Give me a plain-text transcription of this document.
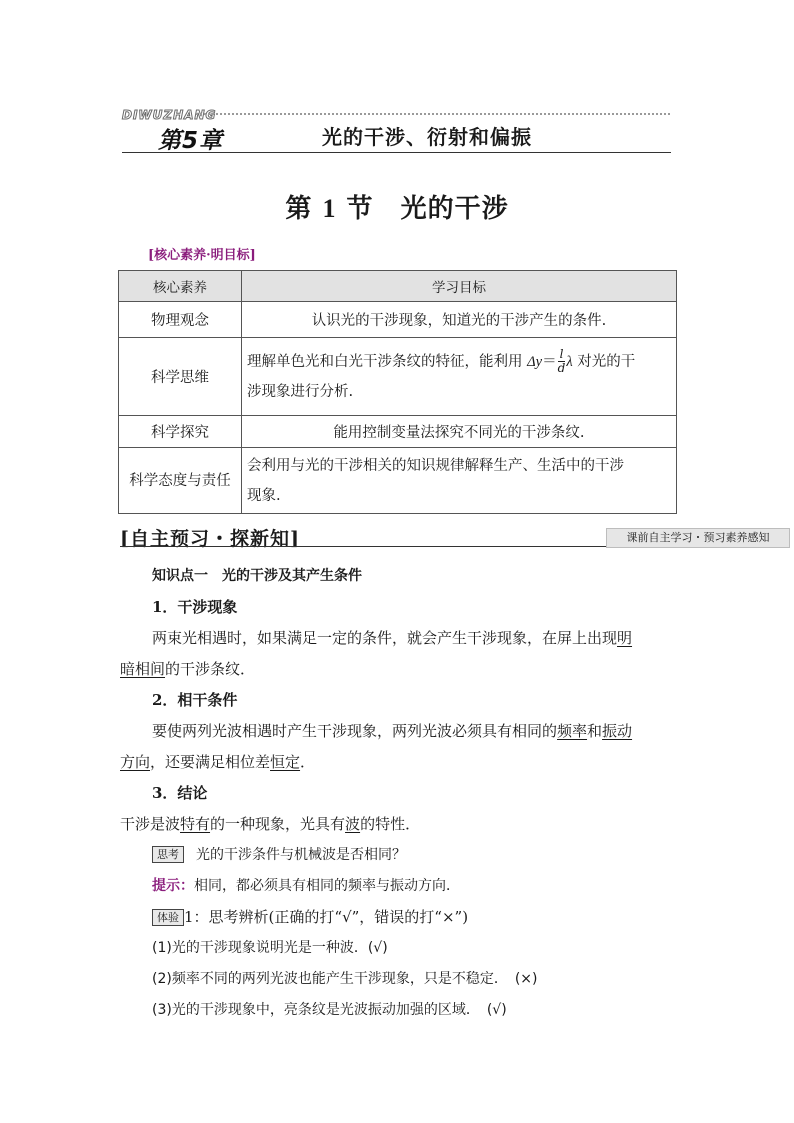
DIWUZHANG
第5章	光的干涉、衍射和偏振
第 1 节　 光的干涉
[核心素养·明目标]
核心素养	学习目标
物理观念	认识光的干涉现象，知道光的干涉产生的条件.
科学思维	理解单色光和白光干涉条纹的特征，能利用 $\Delta y= \frac{l}{d}$ λ 对光的干
涉现象进行分析.
科学探究	能用控制变量法探究不同光的干涉条纹.
科学态度与责任	会利用与光的干涉相关的知识规律解释生产、生活中的干涉
现象.
[自主预习・探新知]	课前自主学习・预习素养感知
知识点一　光的干涉及其产生条件
1．干涉现象
两束光相遇时，如果满足一定的条件，就会产生干涉现象，在屏上出现明
暗相间的干涉条纹．
2．相干条件
要使两列光波相遇时产生干涉现象，两列光波必须具有相同的频率和振动
方向，还要满足相位差恒定．
3．结论
干涉是波特有的一种现象，光具有波的特性．
思考 光的干涉条件与机械波是否相同？
提示：相同，都必须具有相同的频率与振动方向．
体验 1：思考辨析(正确的打“√”，错误的打“×”)
(1)光的干涉现象说明光是一种波．(√)
(2)频率不同的两列光波也能产生干涉现象，只是不稳定．　(×)
(3)光的干涉现象中，亮条纹是光波振动加强的区域．　(√)
